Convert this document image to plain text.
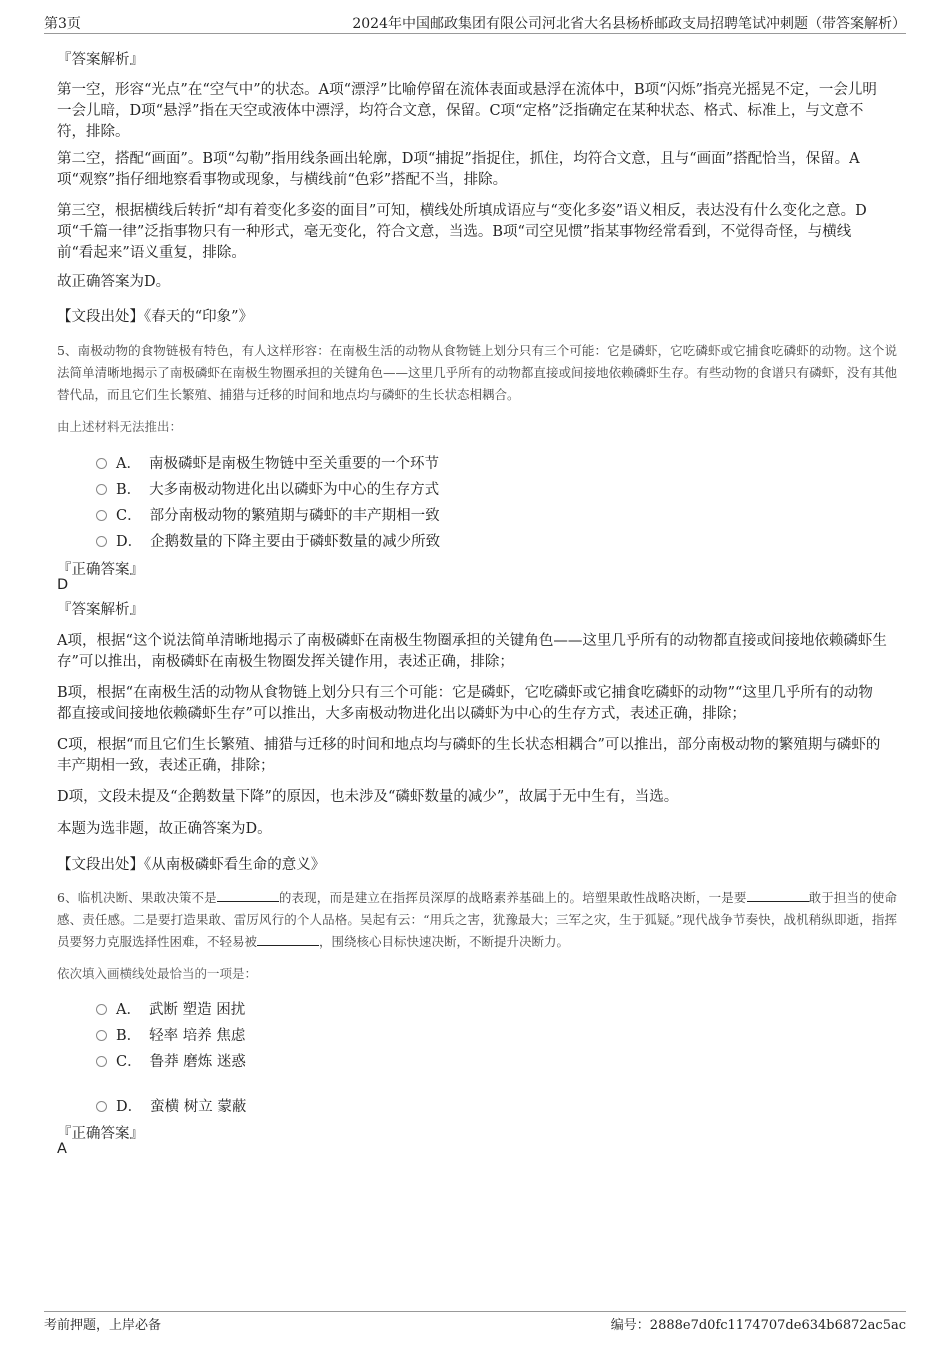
第3页	2024年中国邮政集团有限公司河北省大名县杨桥邮政支局招聘笔试冲刺题（带答案解析）
『答案解析』
第一空，形容“光点”在“空气中”的状态。A项“漂浮”比喻停留在流体表面或悬浮在流体中，B项“闪烁”指亮光摇晃不定，一会儿明一会儿暗，D项“悬浮”指在天空或液体中漂浮，均符合文意，保留。C项“定格”泛指确定在某种状态、格式、标准上，与文意不符，排除。
第二空，搭配“画面”。B项“勾勒”指用线条画出轮廓，D项“捕捉”指捉住，抓住，均符合文意，且与“画面”搭配恰当，保留。A项“观察”指仔细地察看事物或现象，与横线前“色彩”搭配不当，排除。
第三空，根据横线后转折“却有着变化多姿的面目”可知，横线处所填成语应与“变化多姿”语义相反，表达没有什么变化之意。D项“千篇一律”泛指事物只有一种形式，毫无变化，符合文意，当选。B项“司空见惯”指某事物经常看到，不觉得奇怪，与横线前“看起来”语义重复，排除。
故正确答案为D。
【文段出处】《春天的“印象”》
5、南极动物的食物链极有特色，有人这样形容：在南极生活的动物从食物链上划分只有三个可能：它是磷虾，它吃磷虾或它捕食吃磷虾的动物。这个说法简单清晰地揭示了南极磷虾在南极生物圈承担的关键角色——这里几乎所有的动物都直接或间接地依赖磷虾生存。有些动物的食谱只有磷虾，没有其他替代品，而且它们生长繁殖、捕猎与迁移的时间和地点均与磷虾的生长状态相耦合。
由上述材料无法推出：
A． 南极磷虾是南极生物链中至关重要的一个环节
B． 大多南极动物进化出以磷虾为中心的生存方式
C． 部分南极动物的繁殖期与磷虾的丰产期相一致
D． 企鹅数量的下降主要由于磷虾数量的减少所致
『正确答案』
D
『答案解析』
A项，根据“这个说法简单清晰地揭示了南极磷虾在南极生物圈承担的关键角色——这里几乎所有的动物都直接或间接地依赖磷虾生存”可以推出，南极磷虾在南极生物圈发挥关键作用，表述正确，排除；
B项，根据“在南极生活的动物从食物链上划分只有三个可能：它是磷虾，它吃磷虾或它捕食吃磷虾的动物”“这里几乎所有的动物都直接或间接地依赖磷虾生存”可以推出，大多南极动物进化出以磷虾为中心的生存方式，表述正确，排除；
C项，根据“而且它们生长繁殖、捕猎与迁移的时间和地点均与磷虾的生长状态相耦合”可以推出，部分南极动物的繁殖期与磷虾的丰产期相一致，表述正确，排除；
D项，文段未提及“企鹅数量下降”的原因，也未涉及“磷虾数量的减少”，故属于无中生有，当选。
本题为选非题，故正确答案为D。
【文段出处】《从南极磷虾看生命的意义》
6、临机决断、果敢决策不是	的表现，而是建立在指挥员深厚的战略素养基础上的。培塑果敢性战略决断，一是要	敢于担当的使命感、责任感。二是要打造果敢、雷厉风行的个人品格。吴起有云：“用兵之害，犹豫最大；三军之灾，生于狐疑。”现代战争节奏快，战机稍纵即逝，指挥员要努力克服选择性困难，不轻易被	，围绕核心目标快速决断，不断提升决断力。
依次填入画横线处最恰当的一项是：
A． 武断 塑造 困扰
B． 轻率 培养 焦虑
C． 鲁莽 磨炼 迷惑
D． 蛮横 树立 蒙蔽
『正确答案』
A
考前押题，上岸必备	编号：2888e7d0fc1174707de634b6872ac5ac
